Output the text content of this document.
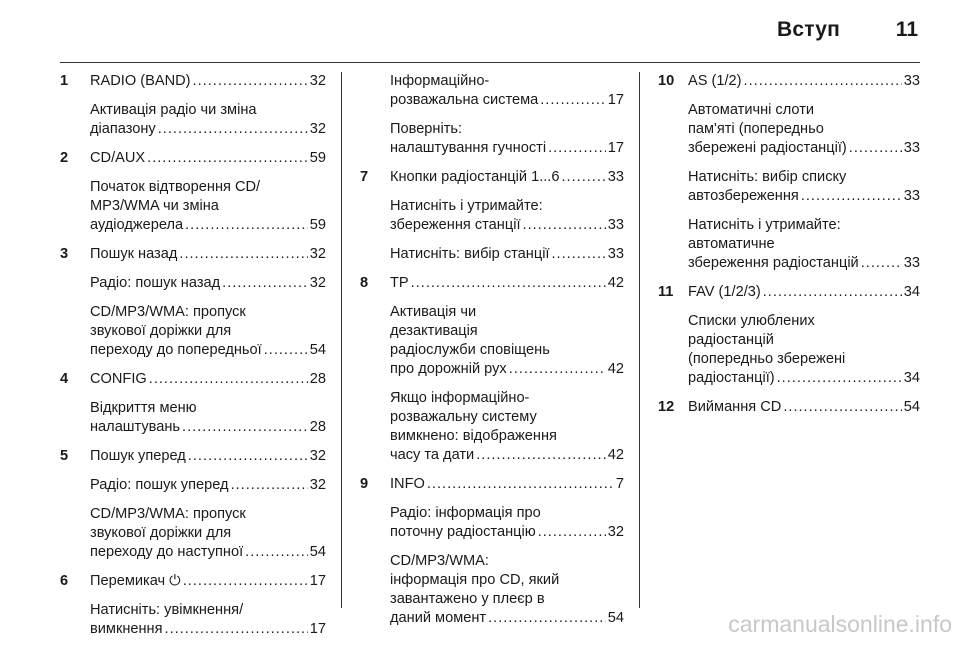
Вступ	11
1	RADIO (BAND) .....	32
Активація радіо чи зміна
діапазону .....	32
2	CD/AUX .....	59
Початок відтворення CD/
MP3/WMA чи зміна
аудіоджерела .....	59
3	Пошук назад .....	32
Радіо: пошук назад .....	32
CD/MP3/WMA: пропуск
звукової доріжки для
переходу до попередньої .....	54
4	CONFIG .....	28
Відкриття меню
налаштувань .....	28
5	Пошук уперед .....	32
Радіо: пошук уперед .....	32
CD/MP3/WMA: пропуск
звукової доріжки для
переходу до наступної .....	54
6	Перемикач ⏻ .....	17
Натисніть: увімкнення/
вимкнення .....	17
Інформаційно-
розважальна система .....	17
Поверніть:
налаштування гучності .....	17
7	Кнопки радіостанцій 1...6 .....	33
Натисніть і утримайте:
збереження станції .....	33
Натисніть: вибір станції .....	33
8	TP .....	42
Активація чи
дезактивація
радіослужби сповіщень
про дорожній рух .....	42
Якщо інформаційно-
розважальну систему
вимкнено: відображення
часу та дати .....	42
9	INFO .....	7
Радіо: інформація про
поточну радіостанцію .....	32
CD/MP3/WMA:
інформація про CD, який
завантажено у плеєр в
даний момент .....	54
10 AS (1/2) .....	33
Автоматичні слоти
пам'яті (попередньо
збережені радіостанції) .....	33
Натисніть: вибір списку
автозбереження .....	33
Натисніть і утримайте:
автоматичне
збереження радіостанцій .....	33
11 FAV (1/2/3) .....	34
Списки улюблених
радіостанцій
(попередньо збережені
радіостанції) .....	34
12 Виймання CD .....	54
carmanualsonline.info
